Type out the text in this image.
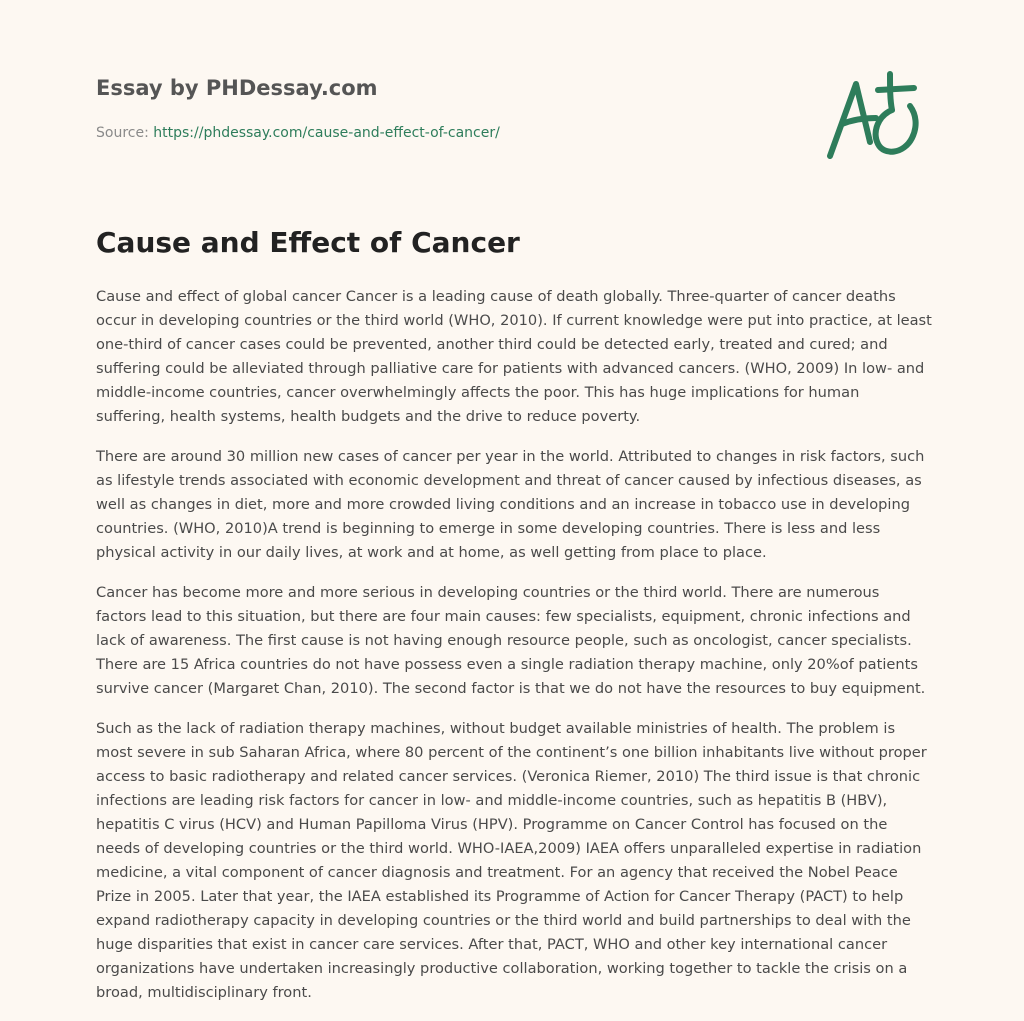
Essay by PHDessay.com
Source: https://phdessay.com/cause-and-effect-of-cancer/
Cause and Effect of Cancer

Cause and effect of global cancer Cancer is a leading cause of death globally. Three-quarter of cancer deaths occur in developing countries or the third world (WHO, 2010). If current knowledge were put into practice, at least one-third of cancer cases could be prevented, another third could be detected early, treated and cured; and suffering could be alleviated through palliative care for patients with advanced cancers. (WHO, 2009) In low- and middle-income countries, cancer overwhelmingly affects the poor. This has huge implications for human suffering, health systems, health budgets and the drive to reduce poverty.

There are around 30 million new cases of cancer per year in the world. Attributed to changes in risk factors, such as lifestyle trends associated with economic development and threat of cancer caused by infectious diseases, as well as changes in diet, more and more crowded living conditions and an increase in tobacco use in developing countries. (WHO, 2010)A trend is beginning to emerge in some developing countries. There is less and less physical activity in our daily lives, at work and at home, as well getting from place to place.

Cancer has become more and more serious in developing countries or the third world. There are numerous factors lead to this situation, but there are four main causes: few specialists, equipment, chronic infections and lack of awareness. The first cause is not having enough resource people, such as oncologist, cancer specialists. There are 15 Africa countries do not have possess even a single radiation therapy machine, only 20%of patients survive cancer (Margaret Chan, 2010). The second factor is that we do not have the resources to buy equipment.

Such as the lack of radiation therapy machines, without budget available ministries of health. The problem is most severe in sub Saharan Africa, where 80 percent of the continent’s one billion inhabitants live without proper access to basic radiotherapy and related cancer services. (Veronica Riemer, 2010) The third issue is that chronic infections are leading risk factors for cancer in low- and middle-income countries, such as hepatitis B (HBV), hepatitis C virus (HCV) and Human Papilloma Virus (HPV). Programme on Cancer Control has focused on the needs of developing countries or the third world. WHO-IAEA,2009) IAEA offers unparalleled expertise in radiation medicine, a vital component of cancer diagnosis and treatment. For an agency that received the Nobel Peace Prize in 2005. Later that year, the IAEA established its Programme of Action for Cancer Therapy (PACT) to help expand radiotherapy capacity in developing countries or the third world and build partnerships to deal with the huge disparities that exist in cancer care services. After that, PACT, WHO and other key international cancer organizations have undertaken increasingly productive collaboration, working together to tackle the crisis on a broad, multidisciplinary front.
